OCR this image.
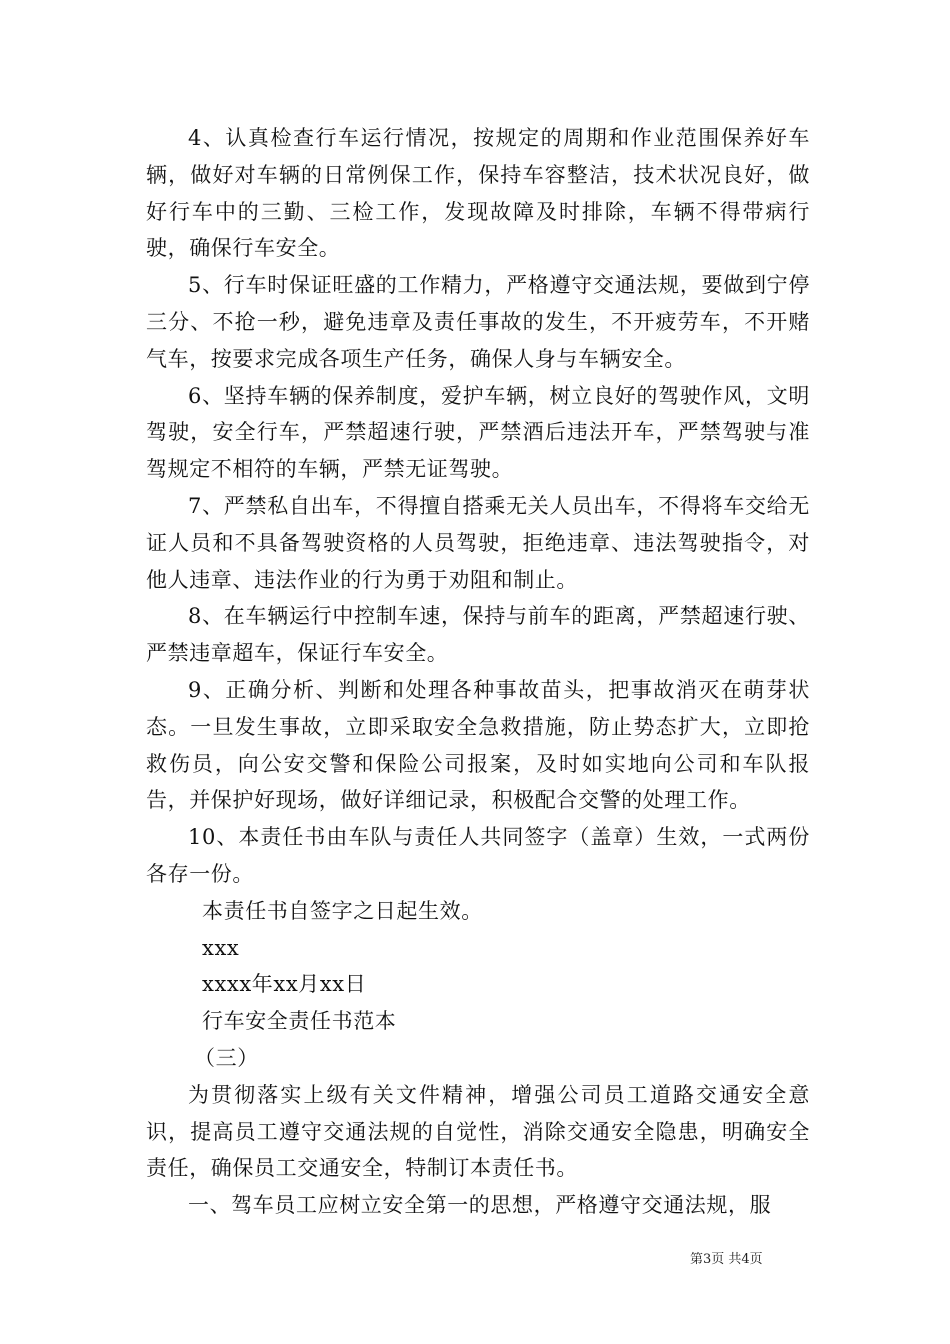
4、认真检查行车运行情况，按规定的周期和作业范围保养好车辆，做好对车辆的日常例保工作，保持车容整洁，技术状况良好，做好行车中的三勤、三检工作，发现故障及时排除，车辆不得带病行驶，确保行车安全。

5、行车时保证旺盛的工作精力，严格遵守交通法规，要做到宁停三分、不抢一秒，避免违章及责任事故的发生，不开疲劳车，不开赌气车，按要求完成各项生产任务，确保人身与车辆安全。

6、坚持车辆的保养制度，爱护车辆，树立良好的驾驶作风，文明驾驶，安全行车，严禁超速行驶，严禁酒后违法开车，严禁驾驶与准驾规定不相符的车辆，严禁无证驾驶。

7、严禁私自出车，不得擅自搭乘无关人员出车，不得将车交给无证人员和不具备驾驶资格的人员驾驶，拒绝违章、违法驾驶指令，对他人违章、违法作业的行为勇于劝阻和制止。

8、在车辆运行中控制车速，保持与前车的距离，严禁超速行驶、严禁违章超车，保证行车安全。

9、正确分析、判断和处理各种事故苗头，把事故消灭在萌芽状态。一旦发生事故，立即采取安全急救措施，防止势态扩大，立即抢救伤员，向公安交警和保险公司报案，及时如实地向公司和车队报告，并保护好现场，做好详细记录，积极配合交警的处理工作。

10、本责任书由车队与责任人共同签字（盖章）生效，一式两份各存一份。

本责任书自签字之日起生效。

xxx

xxxx年xx月xx日

行车安全责任书范本

（三）

为贯彻落实上级有关文件精神，增强公司员工道路交通安全意识，提高员工遵守交通法规的自觉性，消除交通安全隐患，明确安全责任，确保员工交通安全，特制订本责任书。

一、驾车员工应树立安全第一的思想，严格遵守交通法规，服

第3页 共4页
